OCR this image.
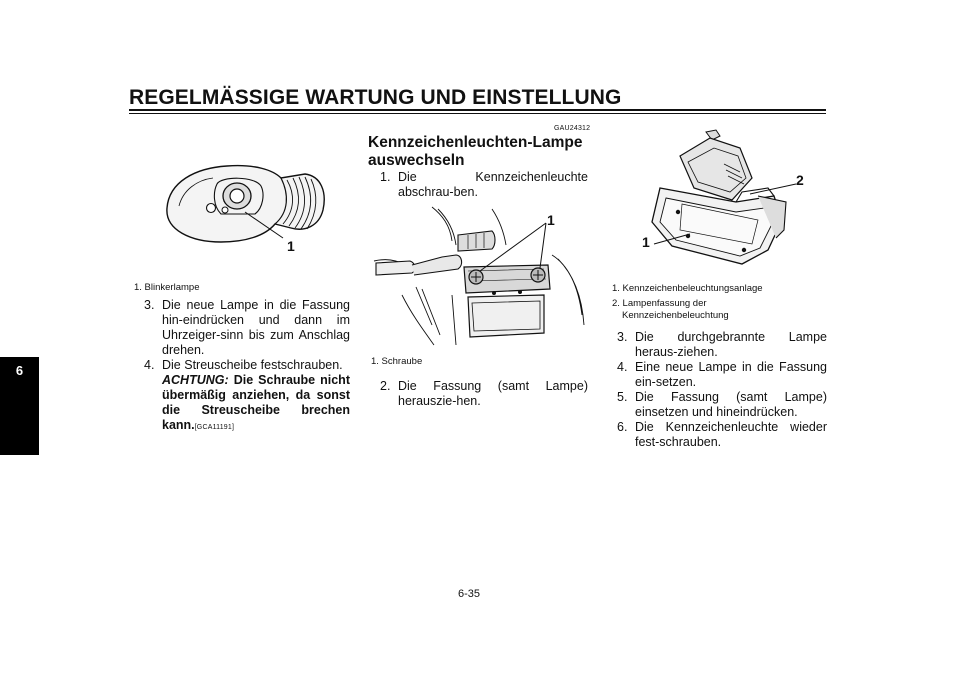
REGELMÄSSIGE WARTUNG UND EINSTELLUNG
6
1
1. Blinkerlampe
3. Die neue Lampe in die Fassung hin-eindrücken und dann im Uhrzeiger-sinn bis zum Anschlag drehen.
4. Die Streuscheibe festschrauben.
ACHTUNG: Die Schraube nicht übermäßig anziehen, da sonst die Streuscheibe brechen kann.[GCA11191]
GAU24312
Kennzeichenleuchten-Lampe
auswechseln
1. Die Kennzeichenleuchte abschrau-ben.
1
1. Schraube
2. Die Fassung (samt Lampe) herauszie-hen.
2
1
1. Kennzeichenbeleuchtungsanlage
2. Lampenfassung der
Kennzeichenbeleuchtung
3. Die durchgebrannte Lampe heraus-ziehen.
4. Eine neue Lampe in die Fassung ein-setzen.
5. Die Fassung (samt Lampe) einsetzen und hineindrücken.
6. Die Kennzeichenleuchte wieder fest-schrauben.
6-35
